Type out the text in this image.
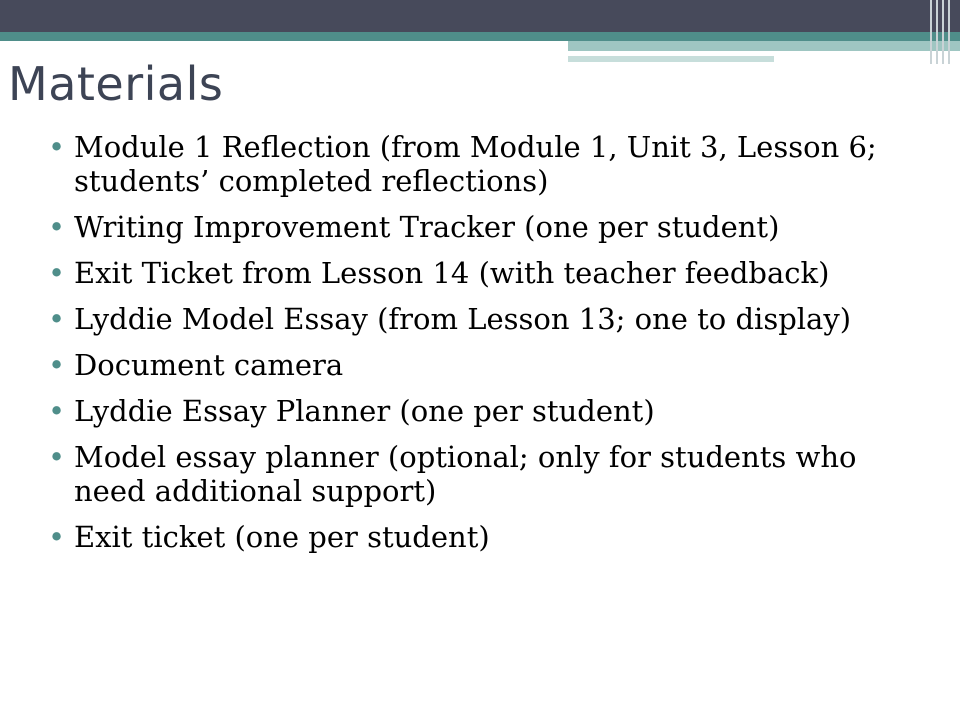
Materials
• Module 1 Reflection (from Module 1, Unit 3, Lesson 6; students’ completed reflections)
• Writing Improvement Tracker (one per student)
• Exit Ticket from Lesson 14 (with teacher feedback)
• Lyddie Model Essay (from Lesson 13; one to display)
• Document camera
• Lyddie Essay Planner (one per student)
• Model essay planner (optional; only for students who need additional support)
• Exit ticket (one per student)
